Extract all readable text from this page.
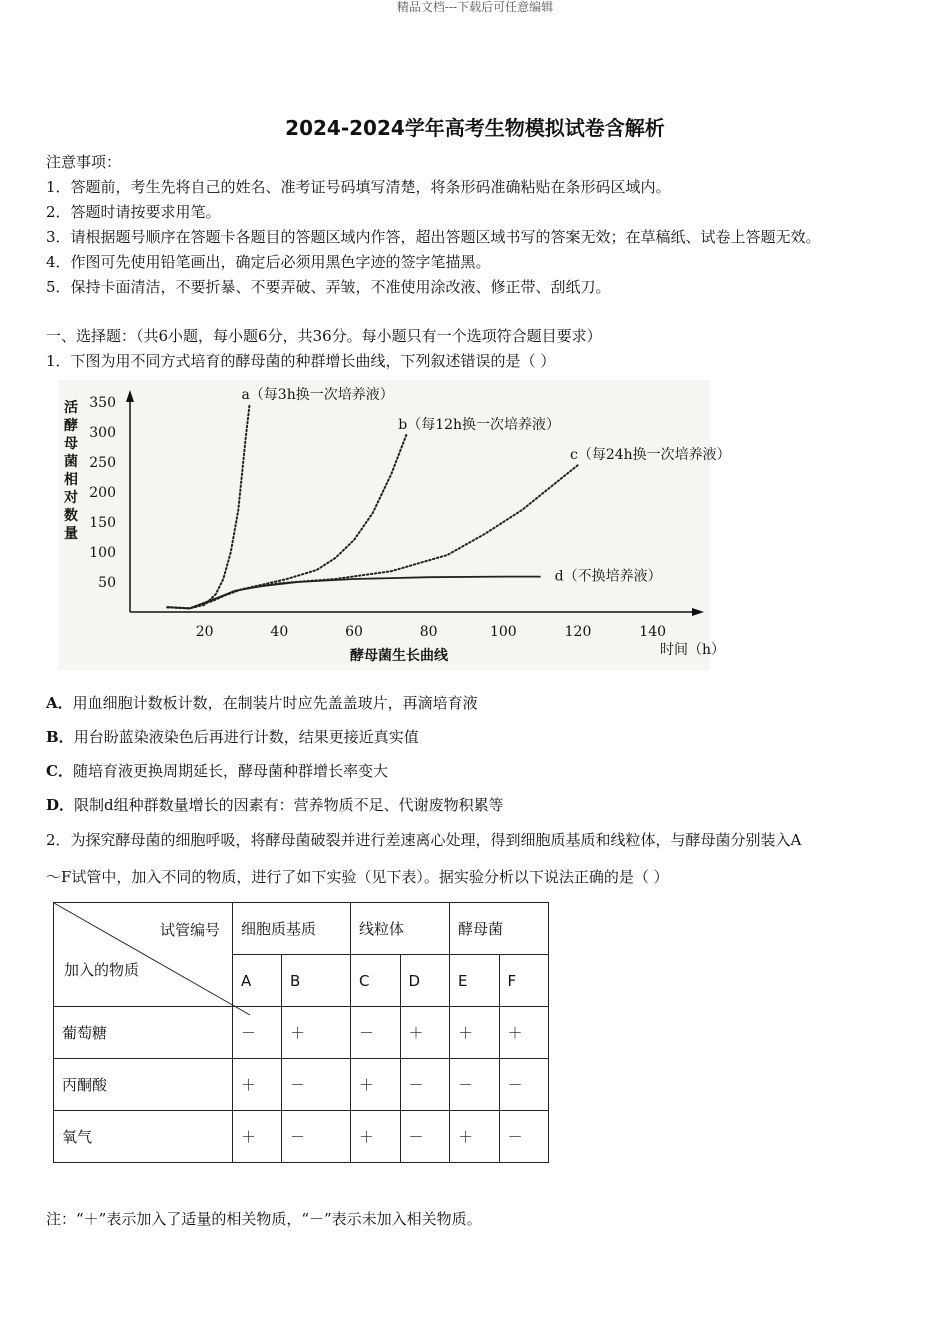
精品文档---下载后可任意编辑
2024-2024学年高考生物模拟试卷含解析
注意事项：
1．答题前，考生先将自己的姓名、准考证号码填写清楚，将条形码准确粘贴在条形码区域内。
2．答题时请按要求用笔。
3．请根据题号顺序在答题卡各题目的答题区域内作答，超出答题区域书写的答案无效；在草稿纸、试卷上答题无效。
4．作图可先使用铅笔画出，确定后必须用黑色字迹的签字笔描黑。
5．保持卡面清洁，不要折暴、不要弄破、弄皱，不准使用涂改液、修正带、刮纸刀。
一、选择题：（共6小题，每小题6分，共36分。每小题只有一个选项符合题目要求）
1．下图为用不同方式培育的酵母菌的种群增长曲线，下列叙述错误的是（ ）
活
酵
母
菌
相
对
数
量
350
300
250
200
150
100
50
20	40	60	80	100	120	140
时间（h）
酵母菌生长曲线
a（每3h换一次培养液）
b（每12h换一次培养液）
c（每24h换一次培养液）
d（不换培养液）
A．用血细胞计数板计数，在制装片时应先盖盖玻片，再滴培育液
B．用台盼蓝染液染色后再进行计数，结果更接近真实值
C．随培育液更换周期延长，酵母菌种群增长率变大
D．限制d组种群数量增长的因素有：营养物质不足、代谢废物积累等
2．为探究酵母菌的细胞呼吸，将酵母菌破裂并进行差速离心处理，得到细胞质基质和线粒体，与酵母菌分别装入A
～F试管中，加入不同的物质，进行了如下实验（见下表）。据实验分析以下说法正确的是（ ）
试管编号
加入的物质	细胞质基质		线粒体		酵母菌	
	A	B	C	D	E	F
葡萄糖	－	＋	－	＋	＋	＋
丙酮酸	＋	－	＋	－	－	－
氧气	＋	－	＋	－	＋	－
注：“＋”表示加入了适量的相关物质，“－”表示未加入相关物质。
